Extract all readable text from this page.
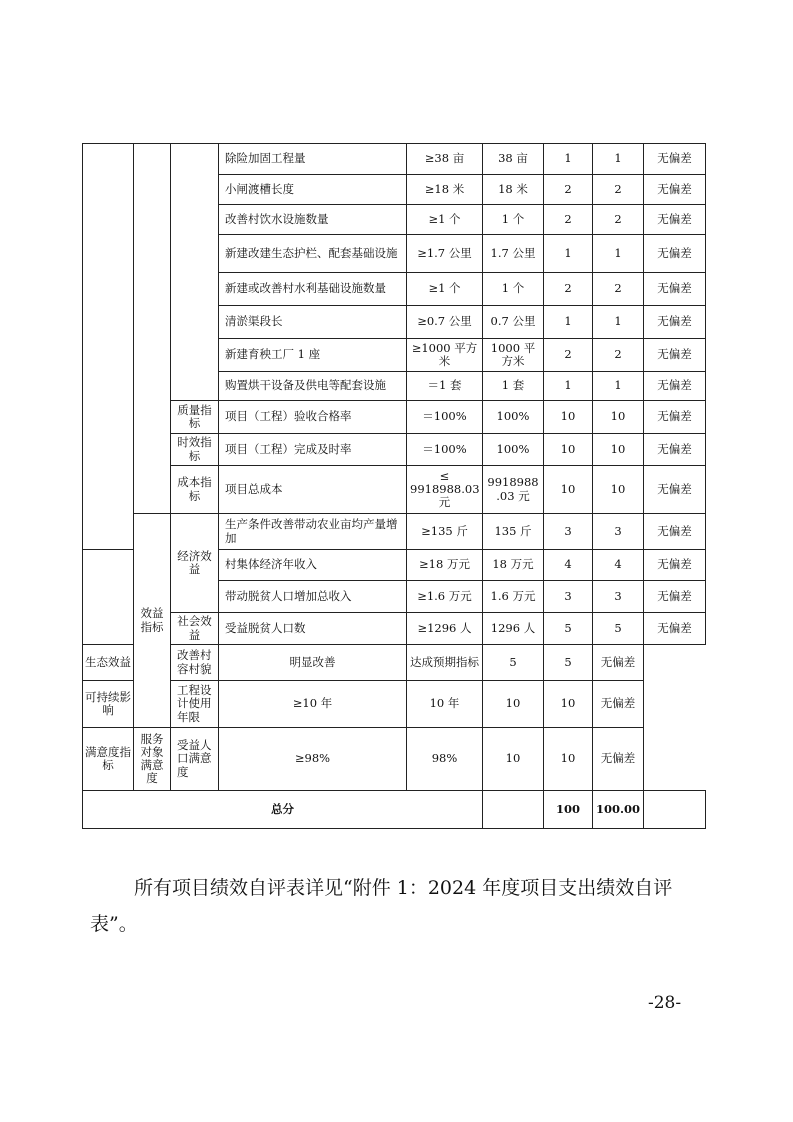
			除险加固工程量	≥38 亩	38 亩	1	1	无偏差
			小闸渡槽长度	≥18 米	18 米	2	2	无偏差
			改善村饮水设施数量	≥1 个	1 个	2	2	无偏差
			新建改建生态护栏、配套基础设施	≥1.7 公里	1.7 公里	1	1	无偏差
			新建或改善村水利基础设施数量	≥1 个	1 个	2	2	无偏差
			清淤渠段长	≥0.7 公里	0.7 公里	1	1	无偏差
			新建育秧工厂 1 座	≥1000 平方米	1000 平方米	2	2	无偏差
			购置烘干设备及供电等配套设施	＝1 套	1 套	1	1	无偏差
		质量指标	项目（工程）验收合格率	＝100%	100%	10	10	无偏差
		时效指标	项目（工程）完成及时率	＝100%	100%	10	10	无偏差
		成本指标	项目总成本	≤ 9918988.03 元	9918988 .03 元	10	10	无偏差
	效益指标	经济效益	生产条件改善带动农业亩均产量增加	≥135 斤	135 斤	3	3	无偏差
			村集体经济年收入	≥18 万元	18 万元	4	4	无偏差
			带动脱贫人口增加总收入	≥1.6 万元	1.6 万元	3	3	无偏差
		社会效益	受益脱贫人口数	≥1296 人	1296 人	5	5	无偏差
生态效益		改善村容村貌	明显改善	达成预期指标	5	5	无偏差	
可持续影响		工程设计使用年限	≥10 年	10 年	10	10	无偏差	
满意度指标	服务对象满意度	受益人口满意度	≥98%	98%	10	10	无偏差	
总分						100	100.00	

所有项目绩效自评表详见“附件 1：2024 年度项目支出绩效自评表”。

-28-
